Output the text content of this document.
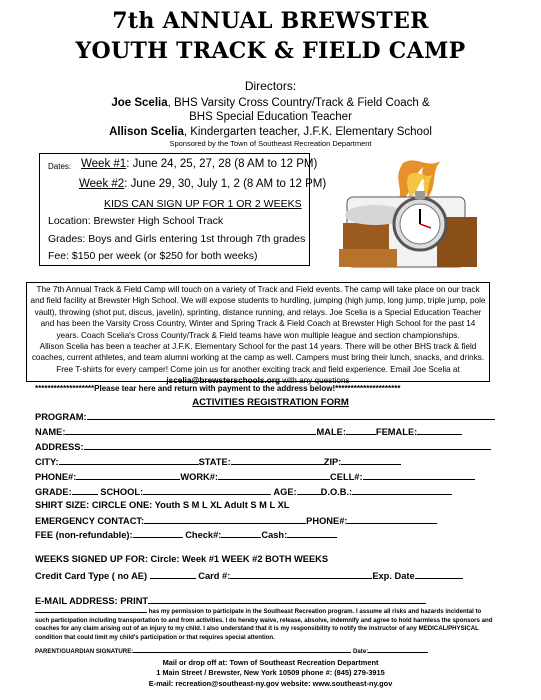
7th ANNUAL BREWSTER
YOUTH TRACK & FIELD CAMP
Directors:
Joe Scelia, BHS Varsity Cross Country/Track & Field Coach &
BHS Special Education Teacher
Allison Scelia, Kindergarten teacher, J.F.K. Elementary School
Sponsored by the Town of Southeast Recreation Department
Dates: Week #1: June 24, 25, 27, 28 (8 AM to 12 PM)
Week #2: June 29, 30, July 1, 2 (8 AM to 12 PM)
KIDS CAN SIGN UP FOR 1 OR 2 WEEKS
Location: Brewster High School Track
Grades: Boys and Girls entering 1st through 7th grades
Fee: $150 per week (or $250 for both weeks)
The 7th Annual Track & Field Camp will touch on a variety of Track and Field events. The camp will take place on our track and field facility at Brewster High School. We will expose students to hurdling, jumping (high jump, long jump, triple jump, pole vault), throwing (shot put, discus, javelin), sprinting, distance running, and relays. Joe Scelia is a Special Education Teacher and has been the Varsity Cross Country, Winter and Spring Track & Field Coach at Brewster High School for the past 14 years. Coach Scelia's Cross County/Track & Field teams have won multiple league and section championships.
Allison Scelia has been a teacher at J.F.K. Elementary School for the past 14 years. There will be other BHS track & field coaches, current athletes, and team alumni working at the camp as well. Campers must bring their lunch, snacks, and drinks. Free T-shirts for every camper! Come join us for another exciting track and field experience. Email Joe Scelia at jscelia@brewsterschools.org with any questions
*******************Please tear here and return with payment to the address below!*********************
ACTIVITIES REGISTRATION FORM
PROGRAM:
NAME:	MALE:	FEMALE:
ADDRESS:
CITY:	STATE:	ZIP:
PHONE#:	WORK#:	CELL#:
GRADE:	SCHOOL:	AGE:	D.O.B.:
SHIRT SIZE: CIRCLE ONE: Youth S M L XL Adult S M L XL
EMERGENCY CONTACT:	PHONE#:
FEE (non-refundable):	Check#:	Cash:
WEEKS SIGNED UP FOR: Circle: Week #1 WEEK #2 BOTH WEEKS
Credit Card Type ( no AE)	Card #:	Exp. Date
E-MAIL ADDRESS: PRINT
has my permission to participate in the Southeast Recreation program. I assume all risks and hazards incidental to such participation including transportation to and from activities. I do hereby waive, release, absolve, indemnify and agree to hold harmless the sponsors and coaches for any claim arising out of an injury to my child. I also understand that it is my responsibility to notify the instructor of any MEDICAL/PHYSICAL condition that could limit my child's participation or that requires special attention.
PARENT/GUARDIAN SIGNATURE:	Date:
Mail or drop off at: Town of Southeast Recreation Department
1 Main Street / Brewster, New York 10509 phone #: (845) 279-3915
E-mail: recreation@southeast-ny.gov website: www.southeast-ny.gov
